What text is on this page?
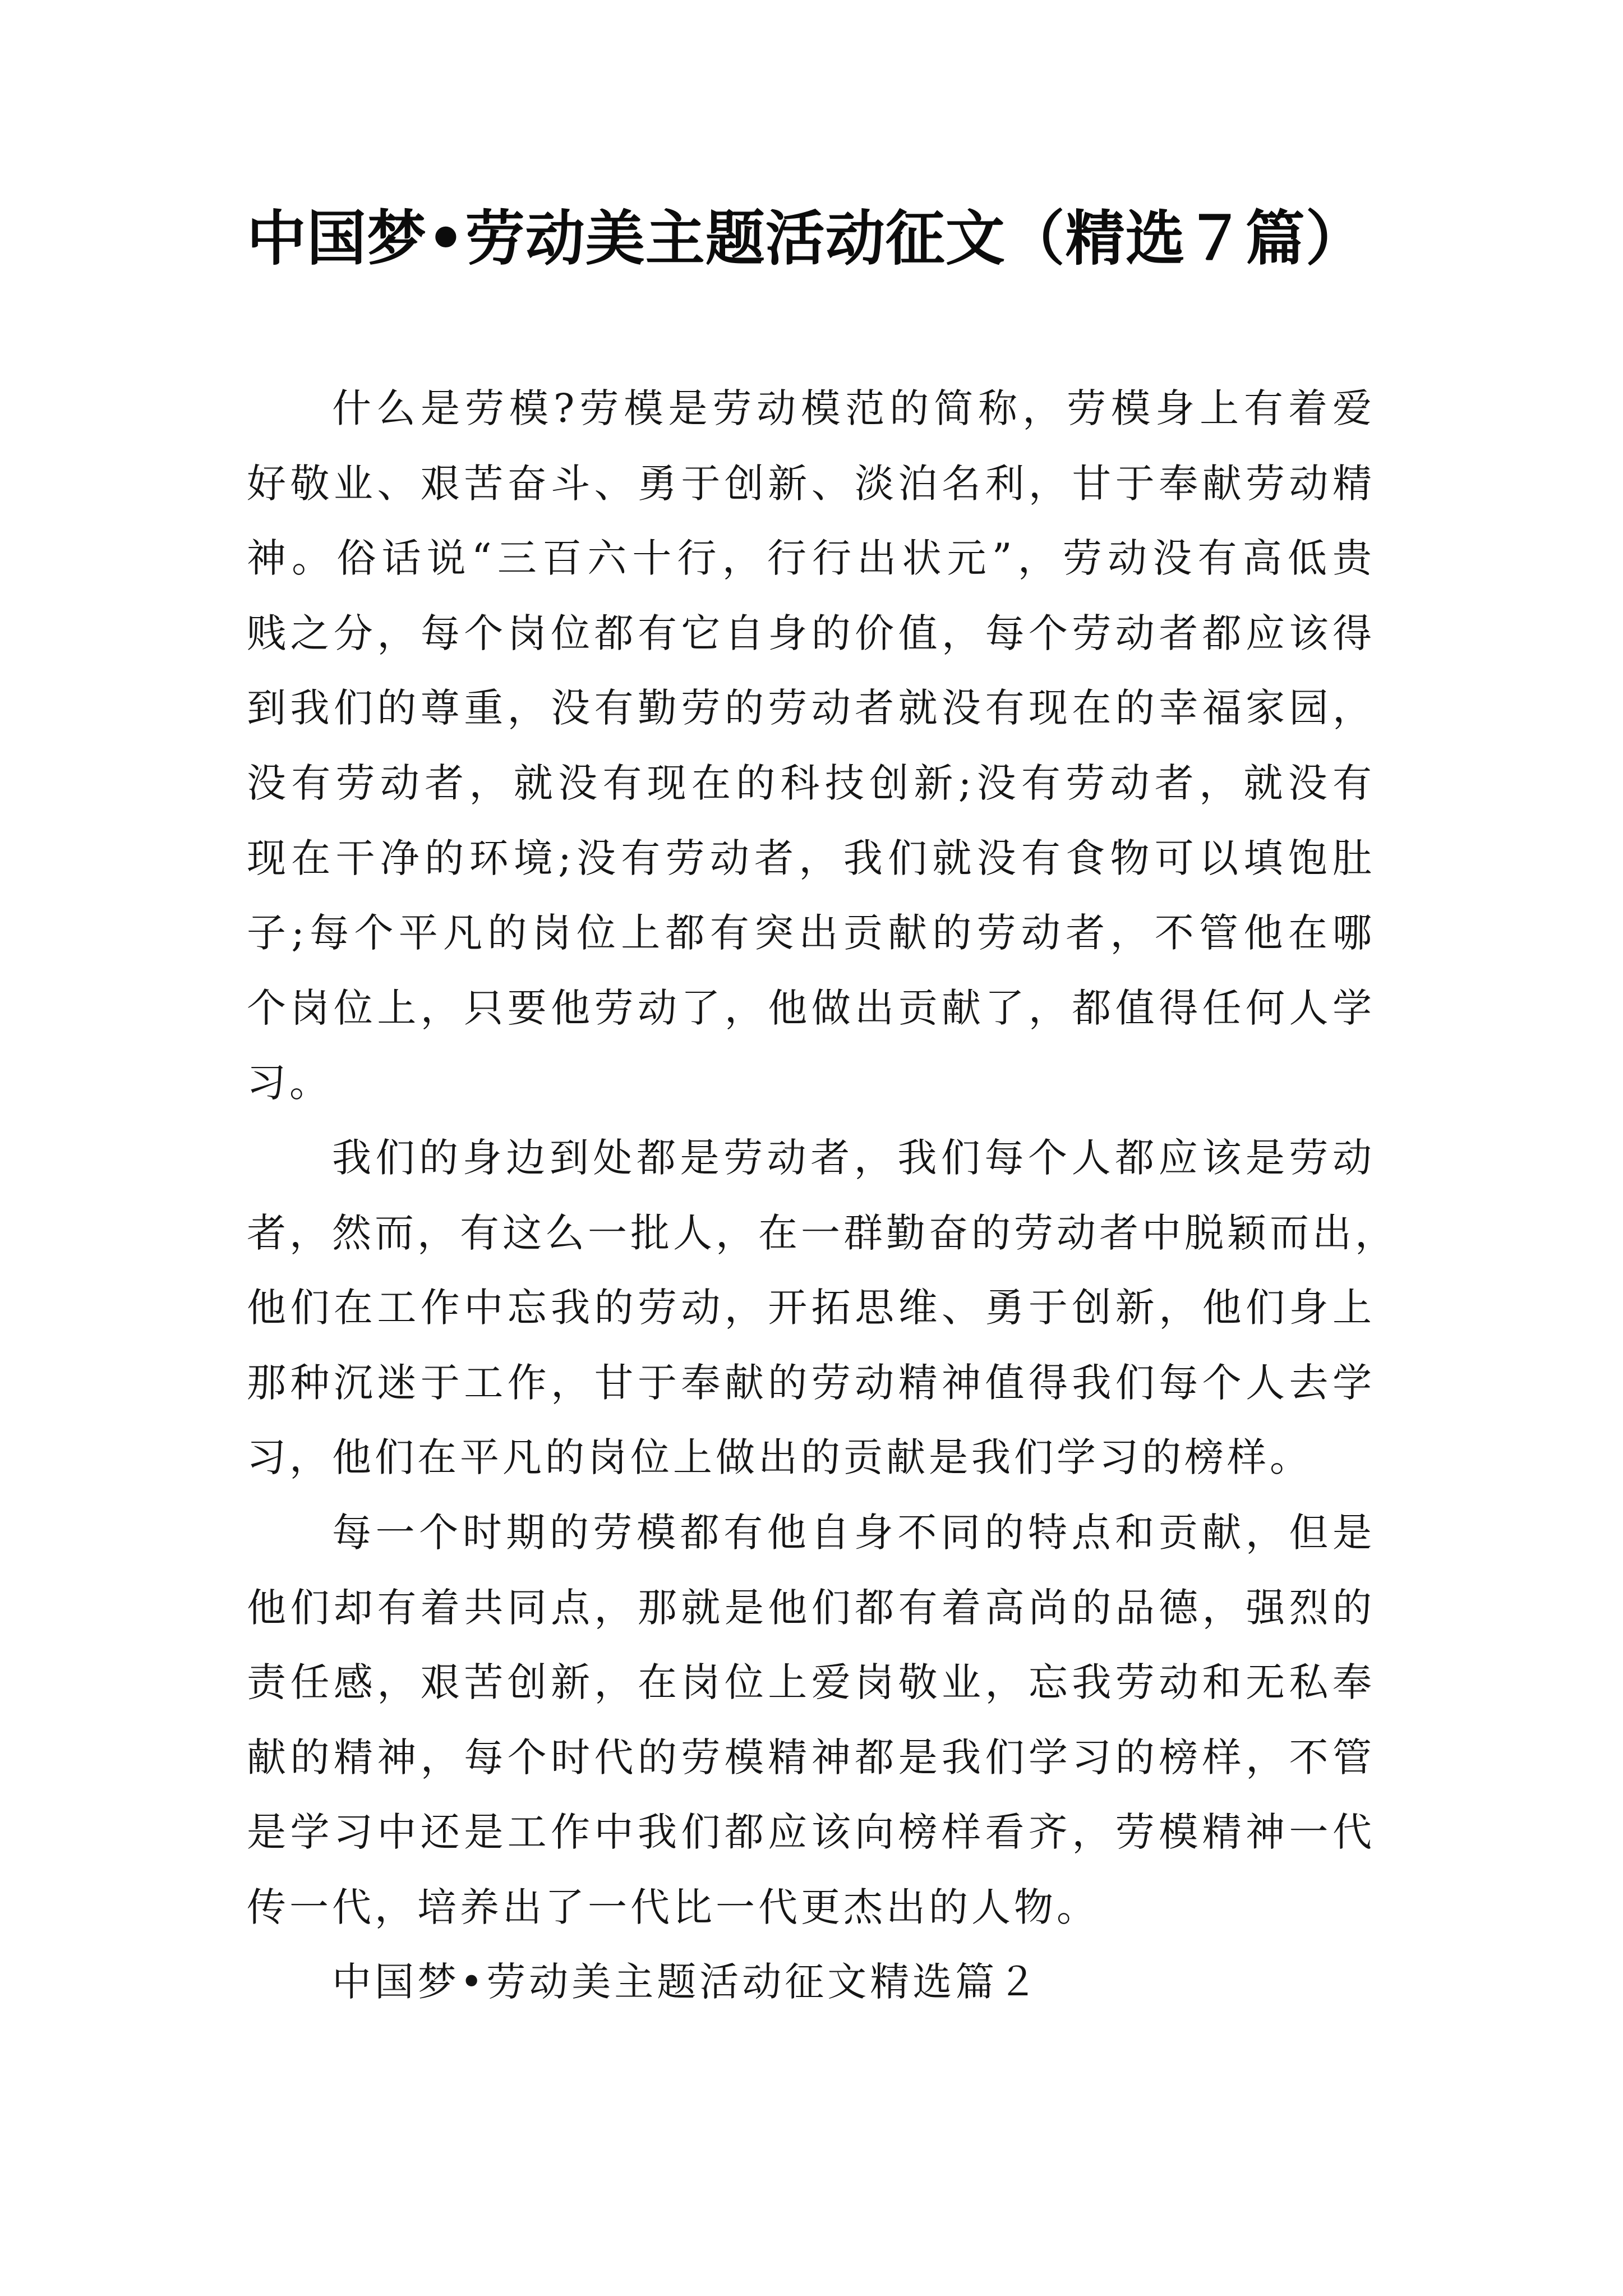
中国梦•劳动美主题活动征文（精选７篇）
什么是劳模?劳模是劳动模范的简称，劳模身上有着爱
好敬业、艰苦奋斗、勇于创新、淡泊名利，甘于奉献劳动精
神。俗话说“三百六十行，行行出状元”，劳动没有高低贵
贱之分，每个岗位都有它自身的价值，每个劳动者都应该得
到我们的尊重，没有勤劳的劳动者就没有现在的幸福家园，
没有劳动者，就没有现在的科技创新;没有劳动者，就没有
现在干净的环境;没有劳动者，我们就没有食物可以填饱肚
子;每个平凡的岗位上都有突出贡献的劳动者，不管他在哪
个岗位上，只要他劳动了，他做出贡献了，都值得任何人学
习。
我们的身边到处都是劳动者，我们每个人都应该是劳动
者，然而，有这么一批人，在一群勤奋的劳动者中脱颖而出，
他们在工作中忘我的劳动，开拓思维、勇于创新，他们身上
那种沉迷于工作，甘于奉献的劳动精神值得我们每个人去学
习，他们在平凡的岗位上做出的贡献是我们学习的榜样。
每一个时期的劳模都有他自身不同的特点和贡献，但是
他们却有着共同点，那就是他们都有着高尚的品德，强烈的
责任感，艰苦创新，在岗位上爱岗敬业，忘我劳动和无私奉
献的精神，每个时代的劳模精神都是我们学习的榜样，不管
是学习中还是工作中我们都应该向榜样看齐，劳模精神一代
传一代，培养出了一代比一代更杰出的人物。
中国梦•劳动美主题活动征文精选篇２
